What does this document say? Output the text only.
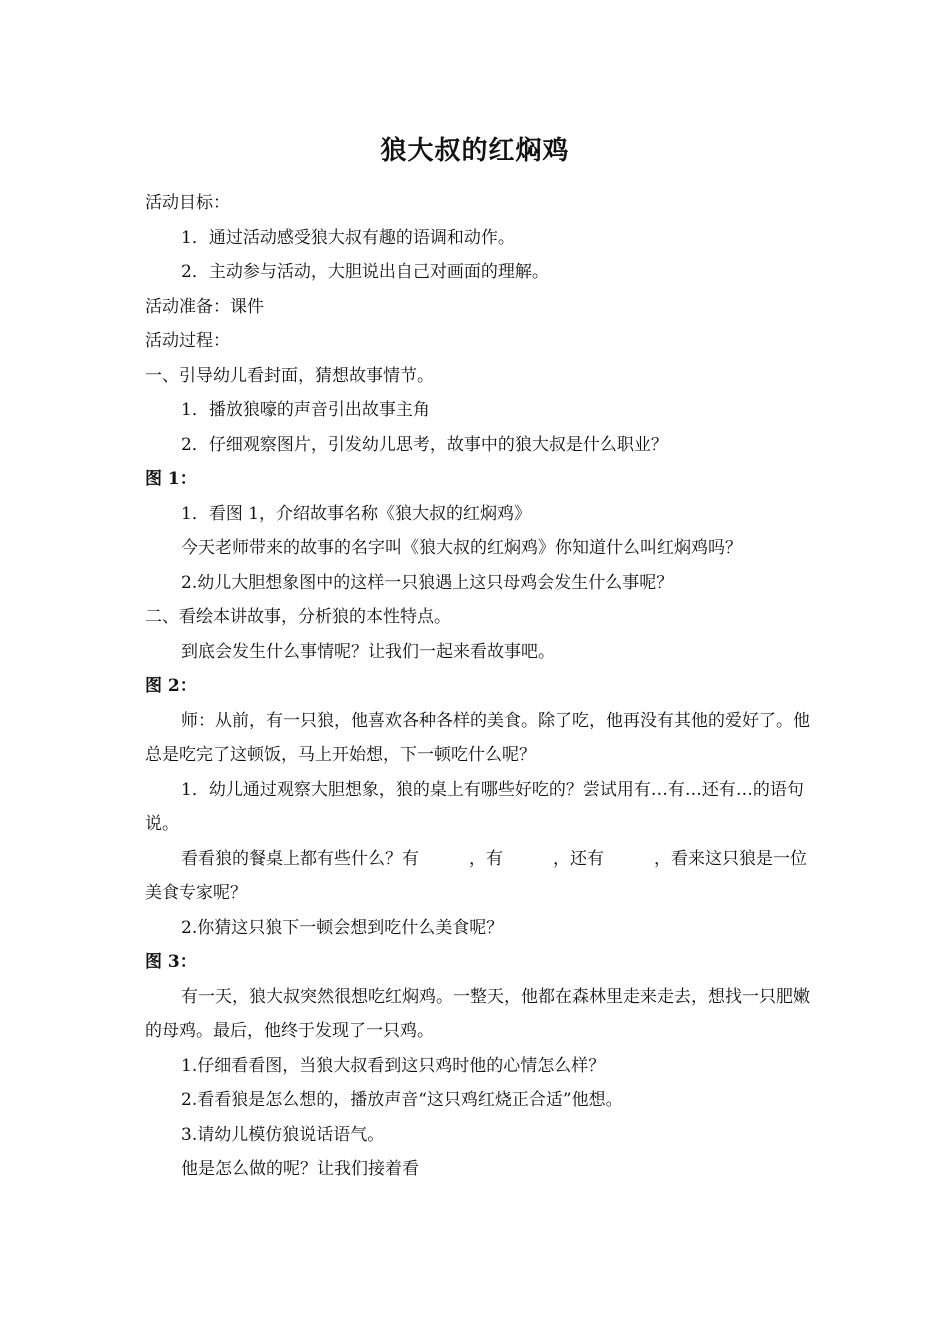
狼大叔的红焖鸡

活动目标：

1．通过活动感受狼大叔有趣的语调和动作。

2．主动参与活动，大胆说出自己对画面的理解。

活动准备：课件

活动过程：

一、引导幼儿看封面，猜想故事情节。

1．播放狼嚎的声音引出故事主角

2．仔细观察图片，引发幼儿思考，故事中的狼大叔是什么职业？

图 1：

1．看图 1，介绍故事名称《狼大叔的红焖鸡》

今天老师带来的故事的名字叫《狼大叔的红焖鸡》你知道什么叫红焖鸡吗？

2.幼儿大胆想象图中的这样一只狼遇上这只母鸡会发生什么事呢？

二、看绘本讲故事，分析狼的本性特点。

到底会发生什么事情呢？让我们一起来看故事吧。

图 2：

师：从前，有一只狼，他喜欢各种各样的美食。除了吃，他再没有其他的爱好了。他总是吃完了这顿饭，马上开始想，下一顿吃什么呢？

1．幼儿通过观察大胆想象，狼的桌上有哪些好吃的？尝试用有…有…还有…的语句说。

看看狼的餐桌上都有些什么？有	，有	，还有	，看来这只狼是一位美食专家呢？

2.你猜这只狼下一顿会想到吃什么美食呢？

图 3：

有一天，狼大叔突然很想吃红焖鸡。一整天，他都在森林里走来走去，想找一只肥嫩的母鸡。最后，他终于发现了一只鸡。

1.仔细看看图，当狼大叔看到这只鸡时他的心情怎么样？

2.看看狼是怎么想的，播放声音“这只鸡红烧正合适”他想。

3.请幼儿模仿狼说话语气。

他是怎么做的呢？让我们接着看
